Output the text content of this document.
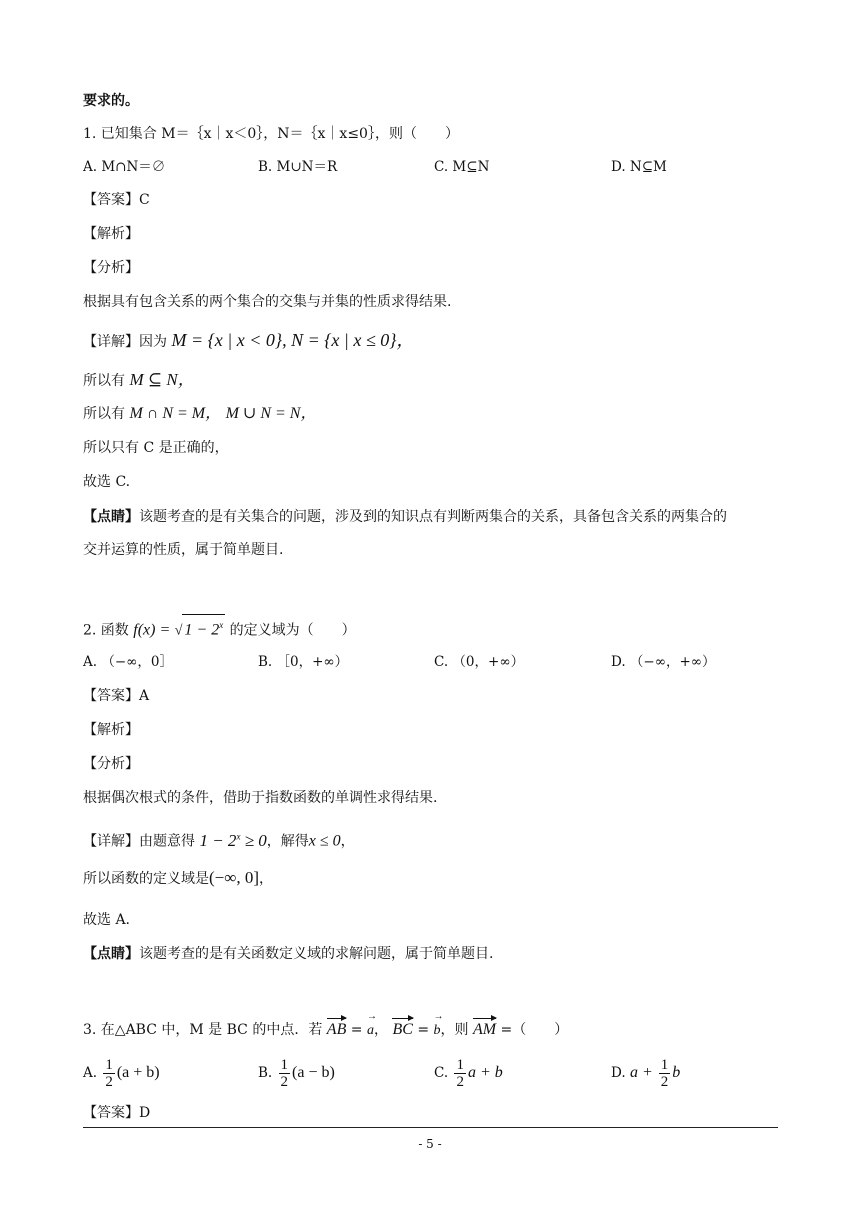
要求的。
1. 已知集合 M＝｛x｜x＜0｝，N＝｛x｜x≤0｝，则（　　）
A. M∩N＝∅	B. M∪N＝R	C. M⊆N	D. N⊆M
【答案】C
【解析】
【分析】
根据具有包含关系的两个集合的交集与并集的性质求得结果.
【详解】因为 M = {x | x < 0}, N = {x | x ≤ 0}，
所以有 M ⊆ N，
所以有 M ∩ N = M， M ∪ N = N，
所以只有 C 是正确的，
故选 C.
【点睛】该题考查的是有关集合的问题，涉及到的知识点有判断两集合的关系，具备包含关系的两集合的
交并运算的性质，属于简单题目.
2. 函数 f(x) = √ $1 - 2^x$ 的定义域为（　　）
A. （−∞，0］	B. ［0，+∞）	C. （0，+∞）	D. （−∞，+∞）
【答案】A
【解析】
【分析】
根据偶次根式的条件，借助于指数函数的单调性求得结果.
【详解】由题意得 $1 - 2^x \ge 0$，解得x ≤ 0，
所以函数的定义域是(−∞, 0]，
故选 A.
【点睛】该题考查的是有关函数定义域的求解问题，属于简单题目.
3. 在△ABC 中，M 是 BC 的中点．若 AB = → a， BC = → b，则 AM =（　　）
A. $\frac{1}{2} (a + b)$	B. $\frac{1}{2} (a - b)$	C. $\frac{1}{2}$ a + b	D. $a + \frac{1}{2}$ b
【答案】D
- 5 -
